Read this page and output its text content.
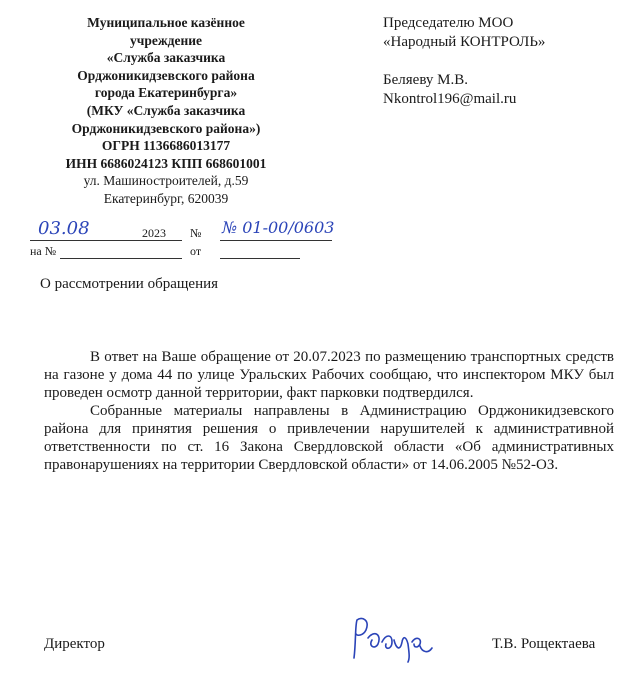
Муниципальное казённое
учреждение
«Служба заказчика
Орджоникидзевского района
города Екатеринбурга»
(МКУ «Служба заказчика
Орджоникидзевского района»)
ОГРН 1136686013177
ИНН 6686024123 КПП 668601001
ул. Машиностроителей, д.59
Екатеринбург, 620039
Председателю МОО
«Народный КОНТРОЛЬ»
Беляеву М.В.
Nkontrol196@mail.ru
03.08	2023 № № 01-00/0603
на №	от
О рассмотрении обращения

В ответ на Ваше обращение от 20.07.2023 по размещению транспортных средств на газоне у дома 44 по улице Уральских Рабочих сообщаю, что инспектором МКУ был проведен осмотр данной территории, факт парковки подтвердился.

Собранные материалы направлены в Администрацию Орджоникидзевского района для принятия решения о привлечении нарушителей к административной ответственности по ст. 16 Закона Свердловской области «Об административных правонарушениях на территории Свердловской области» от 14.06.2005 №52-ОЗ.

Директор	Т.В. Рощектаева
